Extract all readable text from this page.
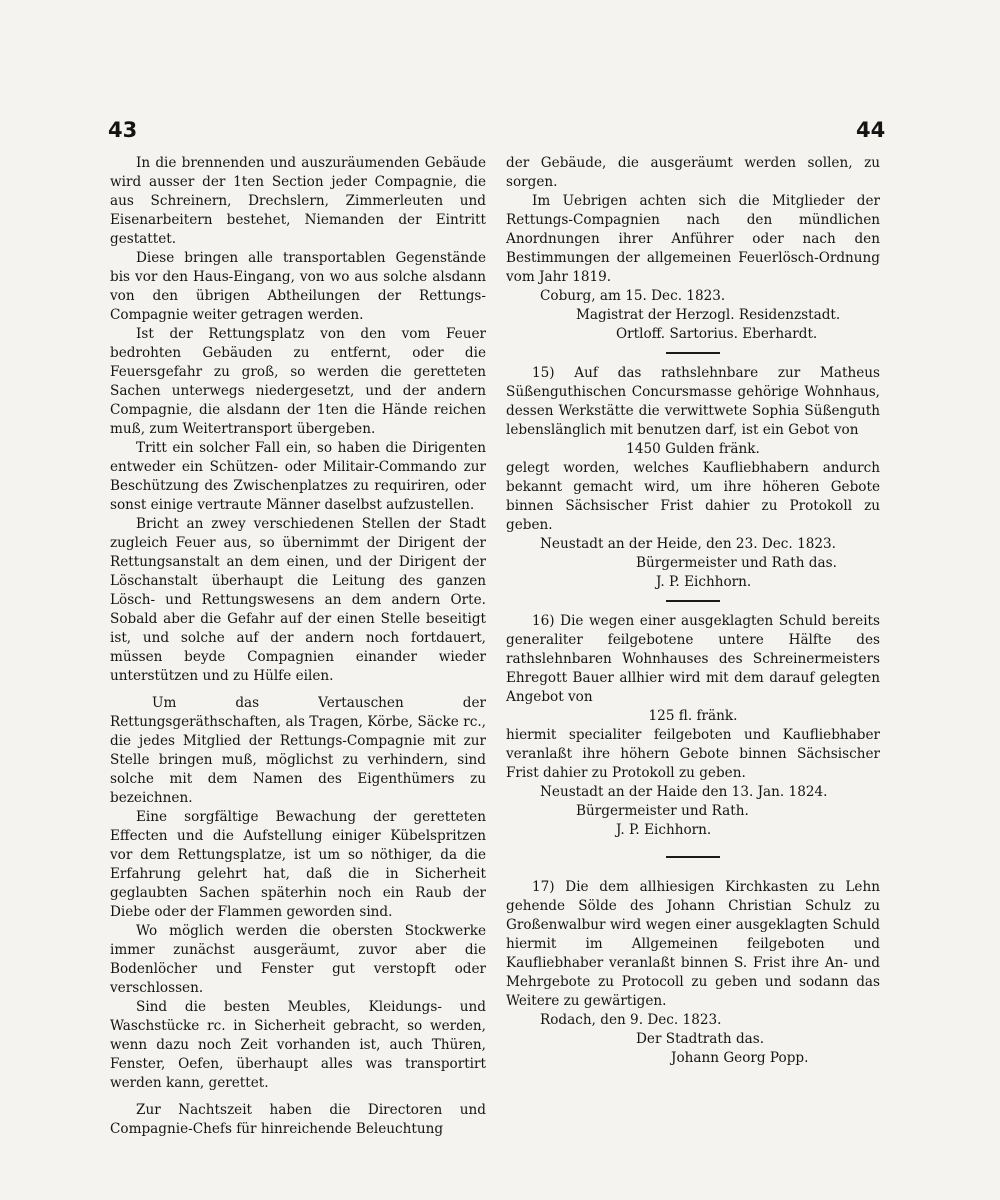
43	44

In die brennenden und auszuräumenden Gebäude wird ausser der 1ten Section jeder Compagnie, die aus Schreinern, Drechslern, Zimmerleuten und Eisenarbeitern bestehet, Niemanden der Eintritt gestattet.

Diese bringen alle transportablen Gegenstände bis vor den Haus-Eingang, von wo aus solche alsdann von den übrigen Abtheilungen der Rettungs-Compagnie weiter getragen werden.

Ist der Rettungsplatz von den vom Feuer bedrohten Gebäuden zu entfernt, oder die Feuersgefahr zu groß, so werden die geretteten Sachen unterwegs niedergesetzt, und der andern Compagnie, die alsdann der 1ten die Hände reichen muß, zum Weitertransport übergeben.

Tritt ein solcher Fall ein, so haben die Dirigenten entweder ein Schützen- oder Militair-Commando zur Beschützung des Zwischenplatzes zu requiriren, oder sonst einige vertraute Männer daselbst aufzustellen.

Bricht an zwey verschiedenen Stellen der Stadt zugleich Feuer aus, so übernimmt der Dirigent der Rettungsanstalt an dem einen, und der Dirigent der Löschanstalt überhaupt die Leitung des ganzen Lösch- und Rettungswesens an dem andern Orte. Sobald aber die Gefahr auf der einen Stelle beseitigt ist, und solche auf der andern noch fortdauert, müssen beyde Compagnien einander wieder unterstützen und zu Hülfe eilen.

Um das Vertauschen der Rettungsgeräthschaften, als Tragen, Körbe, Säcke rc., die jedes Mitglied der Rettungs-Compagnie mit zur Stelle bringen muß, möglichst zu verhindern, sind solche mit dem Namen des Eigenthümers zu bezeichnen.

Eine sorgfältige Bewachung der geretteten Effecten und die Aufstellung einiger Kübelspritzen vor dem Rettungsplatze, ist um so nöthiger, da die Erfahrung gelehrt hat, daß die in Sicherheit geglaubten Sachen späterhin noch ein Raub der Diebe oder der Flammen geworden sind.

Wo möglich werden die obersten Stockwerke immer zunächst ausgeräumt, zuvor aber die Bodenlöcher und Fenster gut verstopft oder verschlossen.

Sind die besten Meubles, Kleidungs- und Waschstücke rc. in Sicherheit gebracht, so werden, wenn dazu noch Zeit vorhanden ist, auch Thüren, Fenster, Oefen, überhaupt alles was transportirt werden kann, gerettet.

Zur Nachtszeit haben die Directoren und Compagnie-Chefs für hinreichende Beleuchtung

der Gebäude, die ausgeräumt werden sollen, zu sorgen.

Im Uebrigen achten sich die Mitglieder der Rettungs-Compagnien nach den mündlichen Anordnungen ihrer Anführer oder nach den Bestimmungen der allgemeinen Feuerlösch-Ordnung vom Jahr 1819.

Coburg, am 15. Dec. 1823.

Magistrat der Herzogl. Residenzstadt.

Ortloff. Sartorius. Eberhardt.

15) Auf das rathslehnbare zur Matheus Süßenguthischen Concursmasse gehörige Wohnhaus, dessen Werkstätte die verwittwete Sophia Süßenguth lebenslänglich mit benutzen darf, ist ein Gebot von

1450 Gulden fränk.

gelegt worden, welches Kaufliebhabern andurch bekannt gemacht wird, um ihre höheren Gebote binnen Sächsischer Frist dahier zu Protokoll zu geben.

Neustadt an der Heide, den 23. Dec. 1823.

Bürgermeister und Rath das.

J. P. Eichhorn.

16) Die wegen einer ausgeklagten Schuld bereits generaliter feilgebotene untere Hälfte des rathslehnbaren Wohnhauses des Schreinermeisters Ehregott Bauer allhier wird mit dem darauf gelegten Angebot von

125 fl. fränk.

hiermit specialiter feilgeboten und Kaufliebhaber veranlaßt ihre höhern Gebote binnen Sächsischer Frist dahier zu Protokoll zu geben.

Neustadt an der Haide den 13. Jan. 1824.

Bürgermeister und Rath.

J. P. Eichhorn.

17) Die dem allhiesigen Kirchkasten zu Lehn gehende Sölde des Johann Christian Schulz zu Großenwalbur wird wegen einer ausgeklagten Schuld hiermit im Allgemeinen feilgeboten und Kaufliebhaber veranlaßt binnen S. Frist ihre An- und Mehrgebote zu Protocoll zu geben und sodann das Weitere zu gewärtigen.

Rodach, den 9. Dec. 1823.

Der Stadtrath das.

Johann Georg Popp.
